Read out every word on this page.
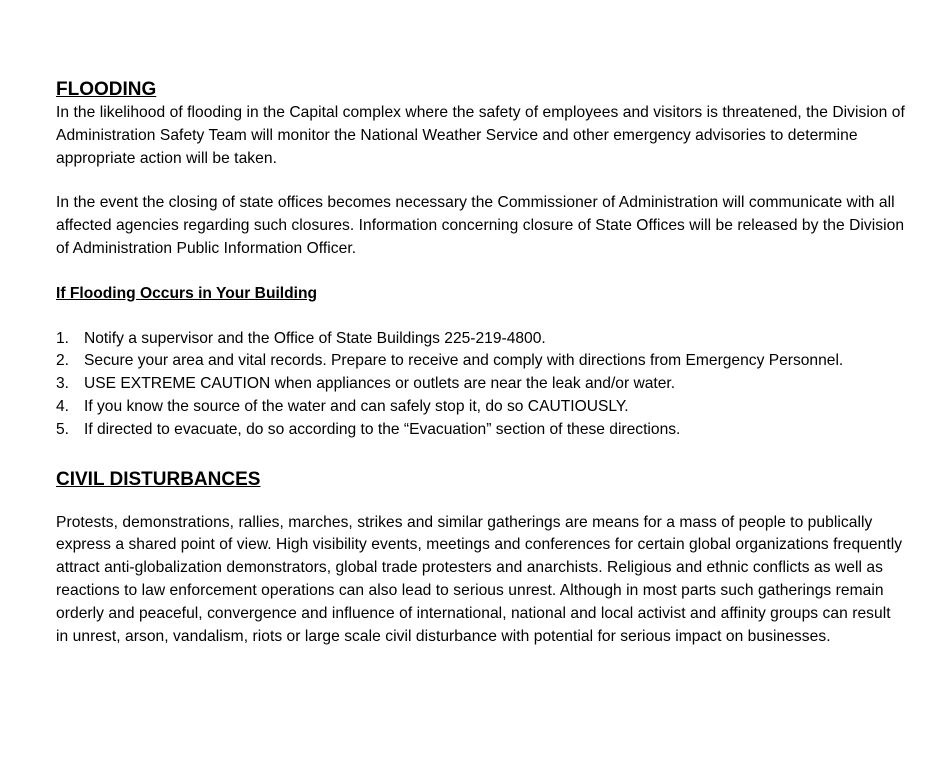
FLOODING

In the likelihood of flooding in the Capital complex where the safety of employees and visitors is threatened, the Division of Administration Safety Team will monitor the National Weather Service and other emergency advisories to determine appropriate action will be taken.

In the event the closing of state offices becomes necessary the Commissioner of Administration will communicate with all affected agencies regarding such closures. Information concerning closure of State Offices will be released by the Division of Administration Public Information Officer.

If Flooding Occurs in Your Building
1. Notify a supervisor and the Office of State Buildings 225-219-4800.
2. Secure your area and vital records. Prepare to receive and comply with directions from Emergency Personnel.
3. USE EXTREME CAUTION when appliances or outlets are near the leak and/or water.
4. If you know the source of the water and can safely stop it, do so CAUTIOUSLY.
5. If directed to evacuate, do so according to the “Evacuation” section of these directions.
CIVIL DISTURBANCES

Protests, demonstrations, rallies, marches, strikes and similar gatherings are means for a mass of people to publically express a shared point of view. High visibility events, meetings and conferences for certain global organizations frequently attract anti-globalization demonstrators, global trade protesters and anarchists. Religious and ethnic conflicts as well as reactions to law enforcement operations can also lead to serious unrest. Although in most parts such gatherings remain orderly and peaceful, convergence and influence of international, national and local activist and affinity groups can result in unrest, arson, vandalism, riots or large scale civil disturbance with potential for serious impact on businesses.
